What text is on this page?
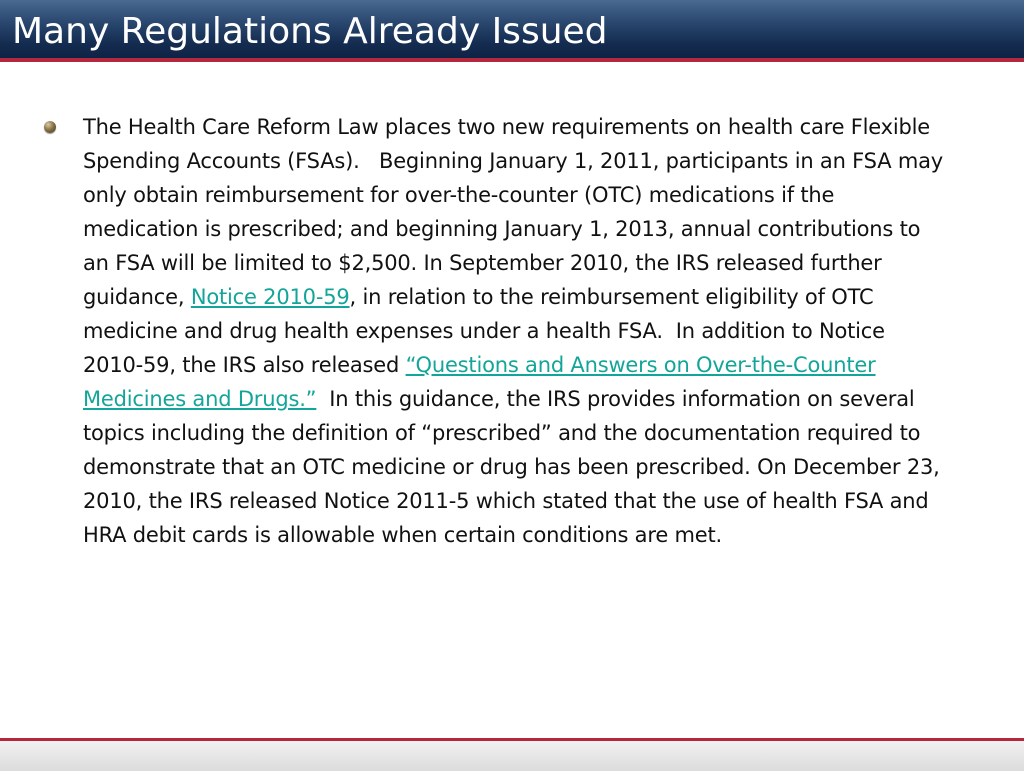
Many Regulations Already Issued
The Health Care Reform Law places two new requirements on health care Flexible Spending Accounts (FSAs).   Beginning January 1, 2011, participants in an FSA may only obtain reimbursement for over-the-counter (OTC) medications if the medication is prescribed; and beginning January 1, 2013, annual contributions to an FSA will be limited to $2,500. In September 2010, the IRS released further guidance, Notice 2010-59, in relation to the reimbursement eligibility of OTC medicine and drug health expenses under a health FSA.  In addition to Notice 2010-59, the IRS also released “Questions and Answers on Over-the-Counter Medicines and Drugs.”  In this guidance, the IRS provides information on several topics including the definition of “prescribed” and the documentation required to demonstrate that an OTC medicine or drug has been prescribed. On December 23, 2010, the IRS released Notice 2011-5 which stated that the use of health FSA and HRA debit cards is allowable when certain conditions are met.
